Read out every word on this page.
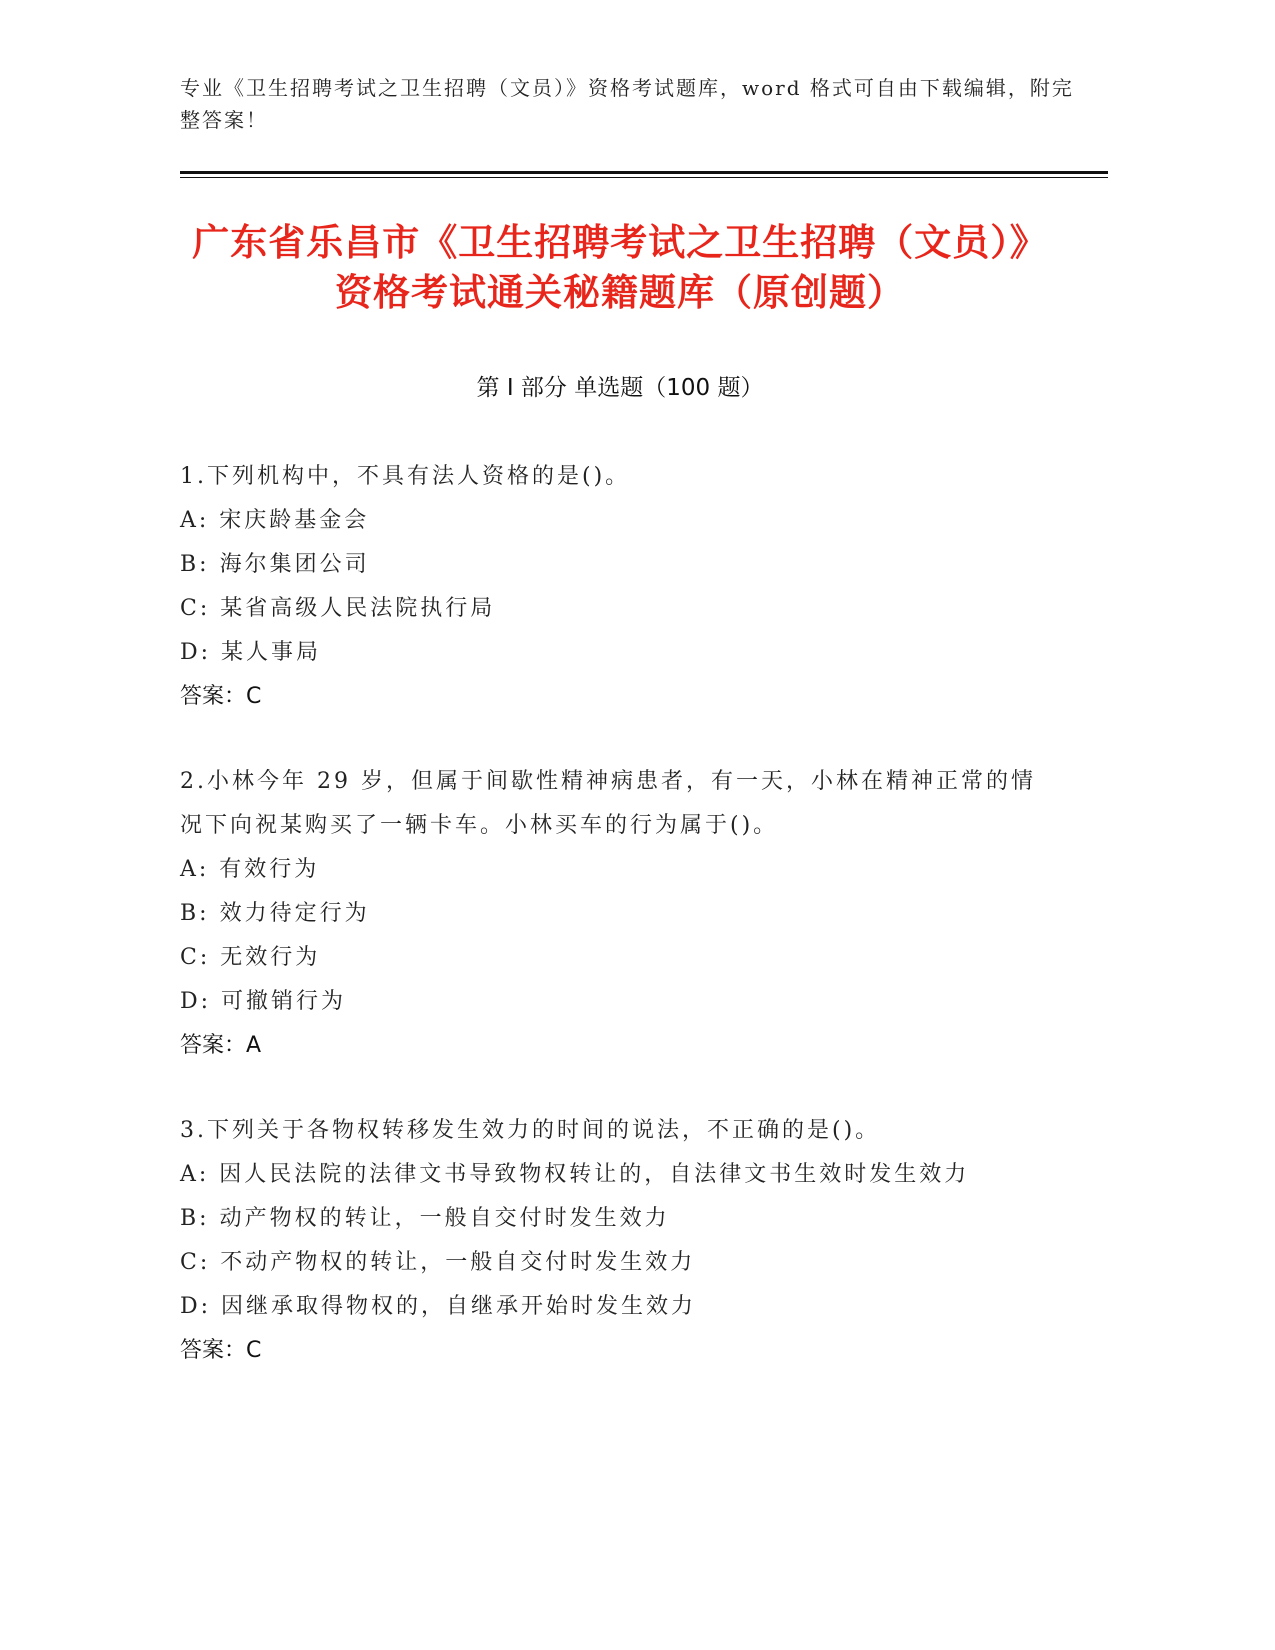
专业《卫生招聘考试之卫生招聘（文员）》资格考试题库，word 格式可自由下载编辑，附完整答案！
广东省乐昌市《卫生招聘考试之卫生招聘（文员）》资格考试通关秘籍题库（原创题）
第 I 部分 单选题（100 题）
1.下列机构中，不具有法人资格的是()。
A: 宋庆龄基金会
B: 海尔集团公司
C: 某省高级人民法院执行局
D: 某人事局
答案：C
2.小林今年 29 岁，但属于间歇性精神病患者，有一天，小林在精神正常的情况下向祝某购买了一辆卡车。小林买车的行为属于()。
A: 有效行为
B: 效力待定行为
C: 无效行为
D: 可撤销行为
答案：A
3.下列关于各物权转移发生效力的时间的说法，不正确的是()。
A: 因人民法院的法律文书导致物权转让的，自法律文书生效时发生效力
B: 动产物权的转让，一般自交付时发生效力
C: 不动产物权的转让，一般自交付时发生效力
D: 因继承取得物权的，自继承开始时发生效力
答案：C
